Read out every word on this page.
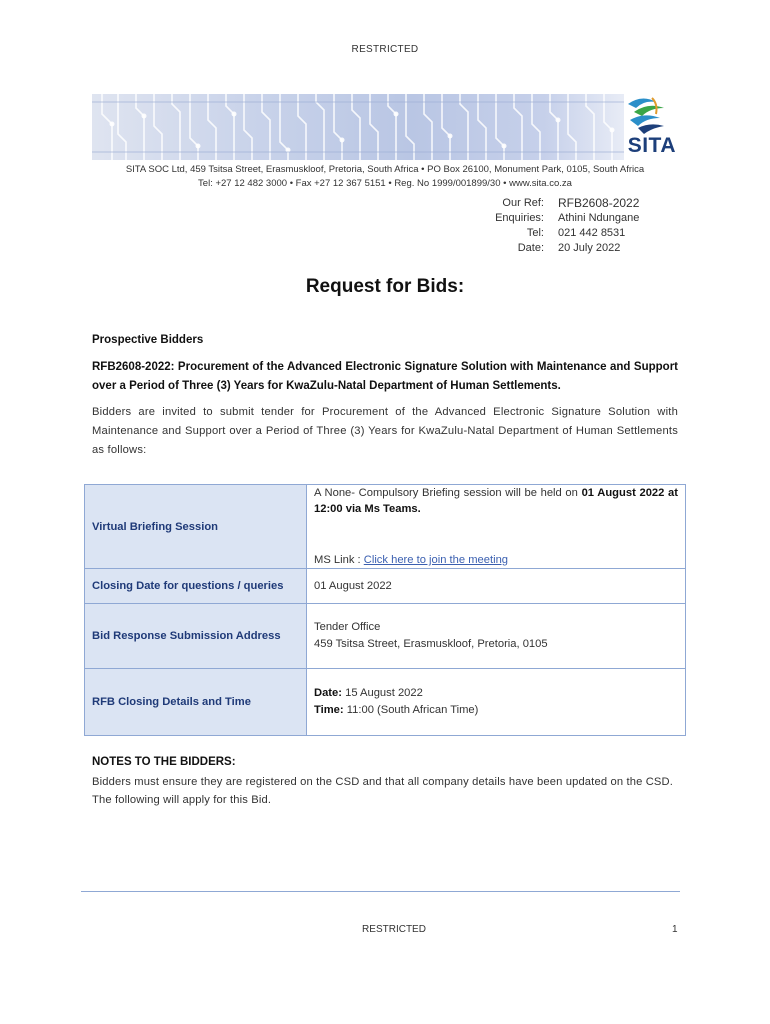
RESTRICTED
SITA
SITA SOC Ltd, 459 Tsitsa Street, Erasmuskloof, Pretoria, South Africa • PO Box 26100, Monument Park, 0105, South Africa
Tel: +27 12 482 3000 • Fax +27 12 367 5151 • Reg. No 1999/001899/30 • www.sita.co.za
Our Ref:	RFB2608-2022
Enquiries:	Athini Ndungane
Tel:	021 442 8531
Date:	20 July 2022
Request for Bids:
Prospective Bidders
RFB2608-2022: Procurement of the Advanced Electronic Signature Solution with Maintenance and Support over a Period of Three (3) Years for KwaZulu-Natal Department of Human Settlements.
Bidders are invited to submit tender for Procurement of the Advanced Electronic Signature Solution with Maintenance and Support over a Period of Three (3) Years for KwaZulu-Natal Department of Human Settlements as follows:
Virtual Briefing Session	A None- Compulsory Briefing session will be held on 01 August 2022 at 12:00 via Ms Teams.
MS Link : Click here to join the meeting

Closing Date for questions / queries	01 August 2022
Bid Response Submission Address	Tender Office
459 Tsitsa Street, Erasmuskloof, Pretoria, 0105

RFB Closing Details and Time	Date: 15 August 2022
Time: 11:00 (South African Time)
NOTES TO THE BIDDERS:
Bidders must ensure they are registered on the CSD and that all company details have been updated on the CSD. The following will apply for this Bid.
RESTRICTED	1
